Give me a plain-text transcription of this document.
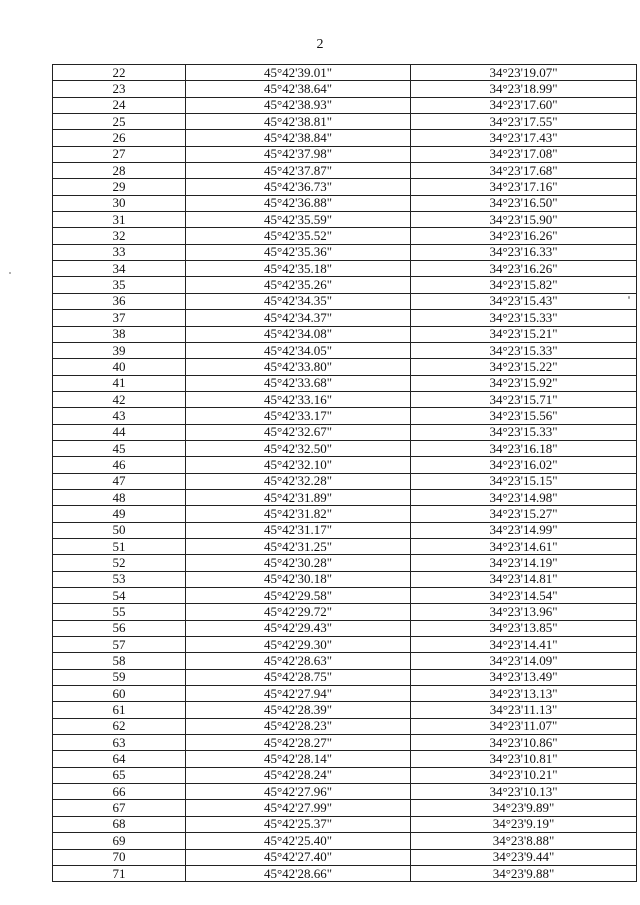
2
22	45°42'39.01"	34°23'19.07"
23	45°42'38.64"	34°23'18.99"
24	45°42'38.93"	34°23'17.60"
25	45°42'38.81"	34°23'17.55"
26	45°42'38.84"	34°23'17.43"
27	45°42'37.98"	34°23'17.08"
28	45°42'37.87"	34°23'17.68"
29	45°42'36.73"	34°23'17.16"
30	45°42'36.88"	34°23'16.50"
31	45°42'35.59"	34°23'15.90"
32	45°42'35.52"	34°23'16.26"
33	45°42'35.36"	34°23'16.33"
34	45°42'35.18"	34°23'16.26"
35	45°42'35.26"	34°23'15.82"
36	45°42'34.35"	34°23'15.43"
37	45°42'34.37"	34°23'15.33"
38	45°42'34.08"	34°23'15.21"
39	45°42'34.05"	34°23'15.33"
40	45°42'33.80"	34°23'15.22"
41	45°42'33.68"	34°23'15.92"
42	45°42'33.16"	34°23'15.71"
43	45°42'33.17"	34°23'15.56"
44	45°42'32.67"	34°23'15.33"
45	45°42'32.50"	34°23'16.18"
46	45°42'32.10"	34°23'16.02"
47	45°42'32.28"	34°23'15.15"
48	45°42'31.89"	34°23'14.98"
49	45°42'31.82"	34°23'15.27"
50	45°42'31.17"	34°23'14.99"
51	45°42'31.25"	34°23'14.61"
52	45°42'30.28"	34°23'14.19"
53	45°42'30.18"	34°23'14.81"
54	45°42'29.58"	34°23'14.54"
55	45°42'29.72"	34°23'13.96"
56	45°42'29.43"	34°23'13.85"
57	45°42'29.30"	34°23'14.41"
58	45°42'28.63"	34°23'14.09"
59	45°42'28.75"	34°23'13.49"
60	45°42'27.94"	34°23'13.13"
61	45°42'28.39"	34°23'11.13"
62	45°42'28.23"	34°23'11.07"
63	45°42'28.27"	34°23'10.86"
64	45°42'28.14"	34°23'10.81"
65	45°42'28.24"	34°23'10.21"
66	45°42'27.96"	34°23'10.13"
67	45°42'27.99"	34°23'9.89"
68	45°42'25.37"	34°23'9.19"
69	45°42'25.40"	34°23'8.88"
70	45°42'27.40"	34°23'9.44"
71	45°42'28.66"	34°23'9.88"
